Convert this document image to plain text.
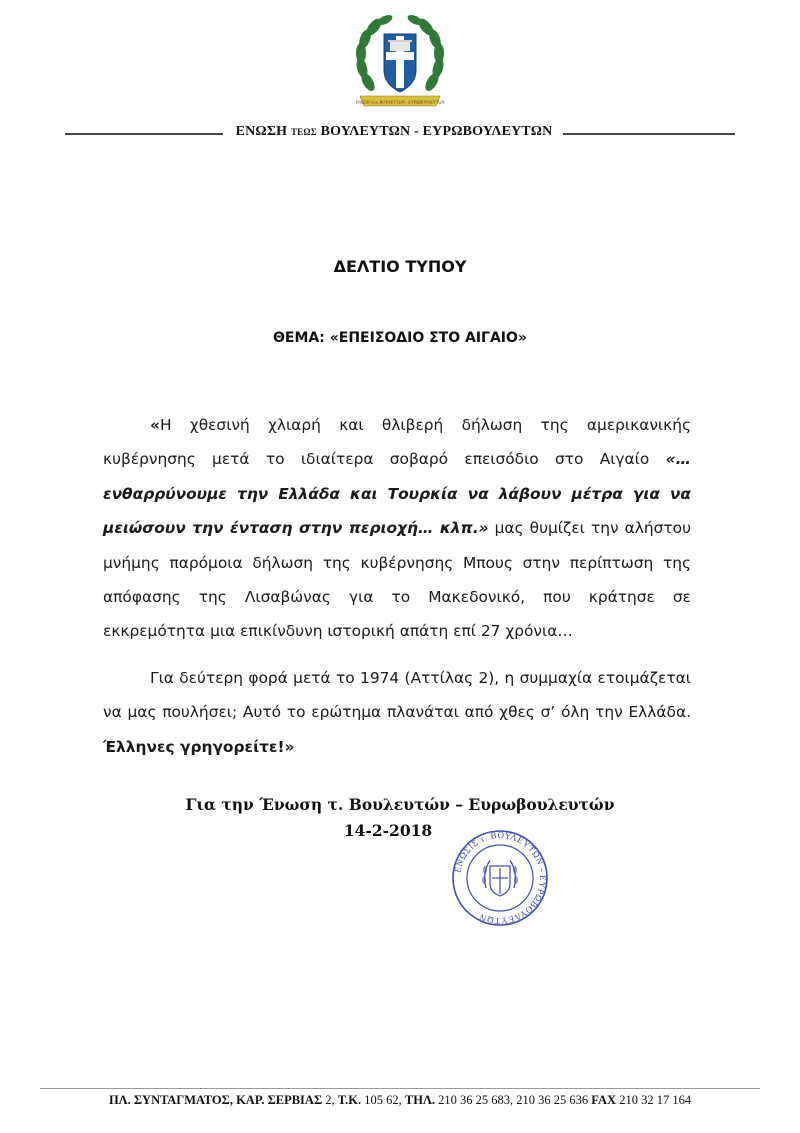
ΕΝΩΣΗ τέως ΒΟΥΛΕΥΤΩΝ - ΕΥΡΩΒΟΥΛΕΥΤΩΝ
ΕΝΩΣΗ ΤΕΩΣ ΒΟΥΛΕΥΤΩΝ - ΕΥΡΩΒΟΥΛΕΥΤΩΝ
ΔΕΛΤΙΟ ΤΥΠΟΥ
ΘΕΜΑ: «ΕΠΕΙΣΟΔΙΟ ΣΤΟ ΑΙΓΑΙΟ»

«Η χθεσινή χλιαρή και θλιβερή δήλωση της αμερικανικής κυβέρνησης μετά το ιδιαίτερα σοβαρό επεισόδιο στο Αιγαίο «…ενθαρρύνουμε την Ελλάδα και Τουρκία να λάβουν μέτρα για να μειώσουν την ένταση στην περιοχή… κλπ.» μας θυμίζει την αλήστου μνήμης παρόμοια δήλωση της κυβέρνησης Μπους στην περίπτωση της απόφασης της Λισαβώνας για το Μακεδονικό, που κράτησε σε εκκρεμότητα μια επικίνδυνη ιστορική απάτη επί 27 χρόνια…

Για δεύτερη φορά μετά το 1974 (Αττίλας 2), η συμμαχία ετοιμάζεται να μας πουλήσει; Αυτό το ερώτημα πλανάται από χθες σ’ όλη την Ελλάδα. Έλληνες γρηγορείτε!»

Για την Ένωση τ. Βουλευτών – Ευρωβουλευτών
14-2-2018
ΕΝΩΣΙΣ τ. ΒΟΥΛΕΥΤΩΝ - ΕΥΡΩΒΟΥΛΕΥΤΩΝ
ΠΛ. ΣΥΝΤΑΓΜΑΤΟΣ, ΚΑΡ. ΣΕΡΒΙΑΣ 2, Τ.Κ. 105 62, ΤΗΛ. 210 36 25 683, 210 36 25 636 FAX 210 32 17 164
